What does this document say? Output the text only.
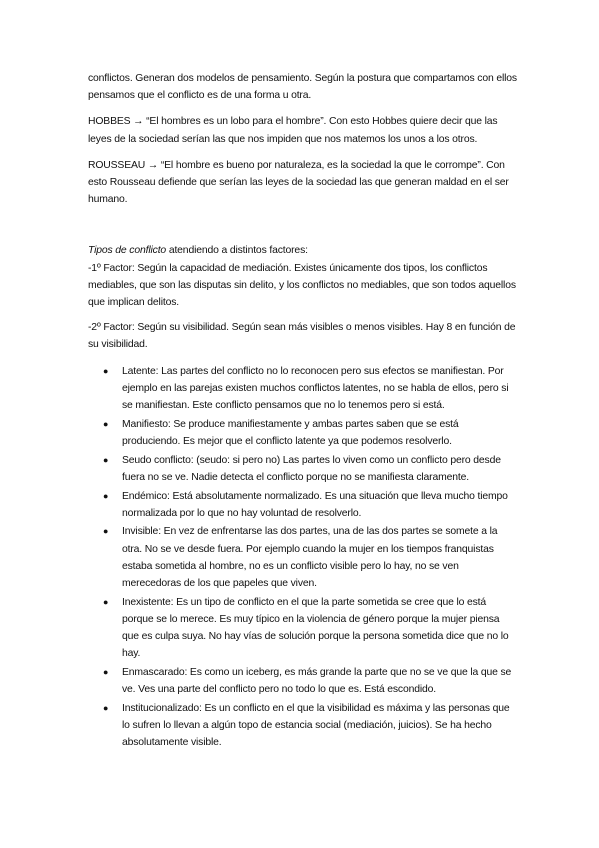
conflictos. Generan dos modelos de pensamiento. Según la postura que compartamos con ellos pensamos que el conflicto es de una forma u otra.

HOBBES → “El hombres es un lobo para el hombre”. Con esto Hobbes quiere decir que las leyes de la sociedad serían las que nos impiden que nos matemos los unos a los otros.

ROUSSEAU → “El hombre es bueno por naturaleza, es la sociedad la que le corrompe”. Con esto Rousseau defiende que serían las leyes de la sociedad las que generan maldad en el ser humano.

Tipos de conflicto atendiendo a distintos factores:

-1º Factor: Según la capacidad de mediación. Existes únicamente dos tipos, los conflictos mediables, que son las disputas sin delito, y los conflictos no mediables, que son todos aquellos que implican delitos.

-2º Factor: Según su visibilidad. Según sean más visibles o menos visibles. Hay 8 en función de su visibilidad.

● Latente: Las partes del conflicto no lo reconocen pero sus efectos se manifiestan. Por ejemplo en las parejas existen muchos conflictos latentes, no se habla de ellos, pero si se manifiestan. Este conflicto pensamos que no lo tenemos pero si está.
● Manifiesto: Se produce manifiestamente y ambas partes saben que se está produciendo. Es mejor que el conflicto latente ya que podemos resolverlo.
● Seudo conflicto: (seudo: si pero no) Las partes lo viven como un conflicto pero desde fuera no se ve. Nadie detecta el conflicto porque no se manifiesta claramente.
● Endémico: Está absolutamente normalizado. Es una situación que lleva mucho tiempo normalizada por lo que no hay voluntad de resolverlo.
● Invisible: En vez de enfrentarse las dos partes, una de las dos partes se somete a la otra. No se ve desde fuera. Por ejemplo cuando la mujer en los tiempos franquistas estaba sometida al hombre, no es un conflicto visible pero lo hay, no se ven merecedoras de los que papeles que viven.
● Inexistente: Es un tipo de conflicto en el que la parte sometida se cree que lo está porque se lo merece. Es muy típico en la violencia de género porque la mujer piensa que es culpa suya. No hay vías de solución porque la persona sometida dice que no lo hay.
● Enmascarado: Es como un iceberg, es más grande la parte que no se ve que la que se ve. Ves una parte del conflicto pero no todo lo que es. Está escondido.
● Institucionalizado: Es un conflicto en el que la visibilidad es máxima y las personas que lo sufren lo llevan a algún topo de estancia social (mediación, juicios). Se ha hecho absolutamente visible.
